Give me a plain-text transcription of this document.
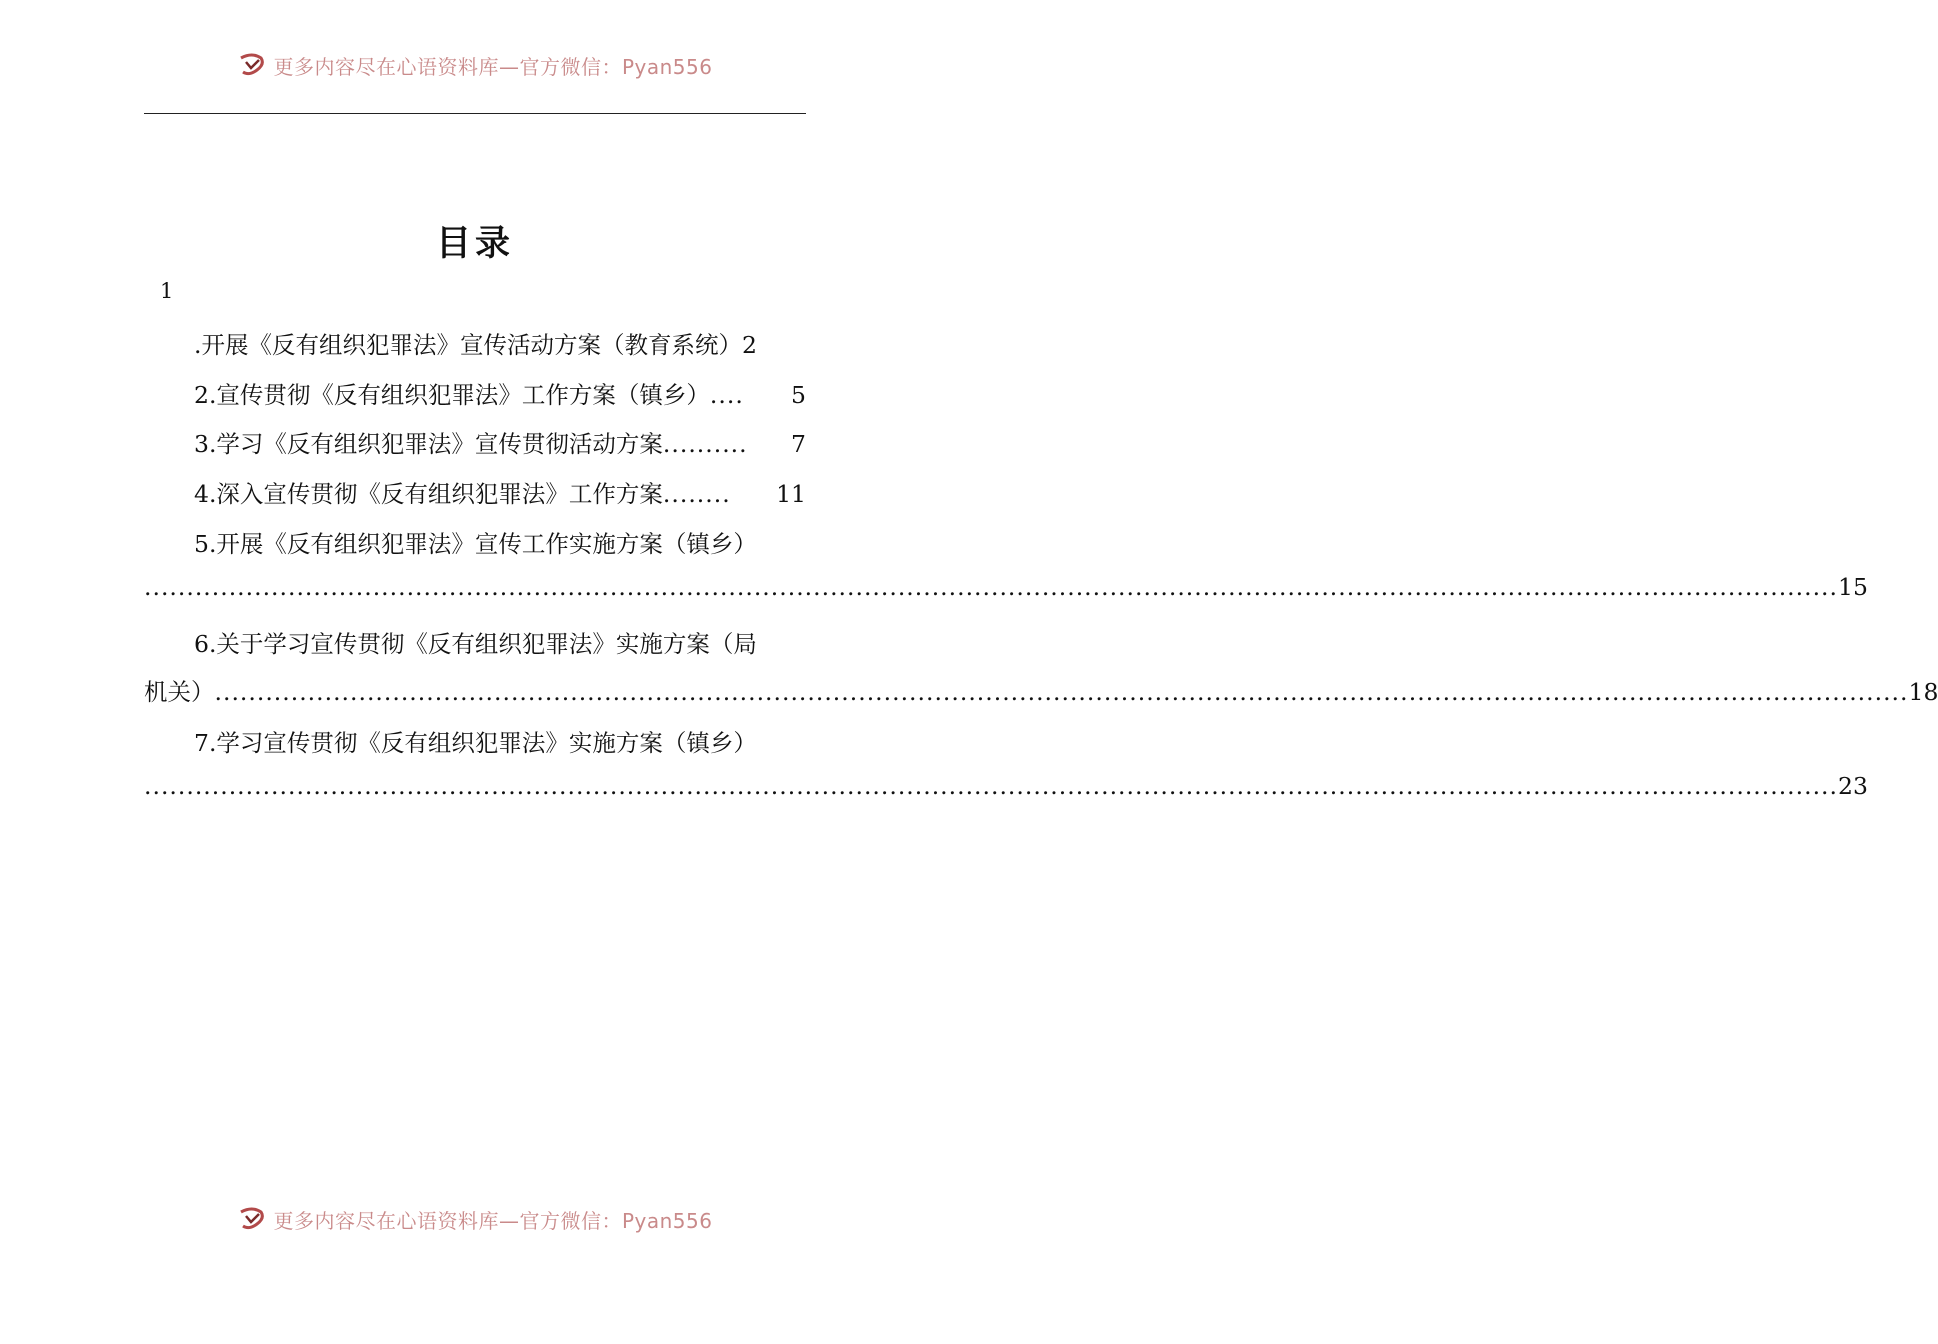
更多内容尽在心语资料库—官方微信：Pyan556
目录
1
.开展《反有组织犯罪法》宣传活动方案（教育系统） 2
2.宣传贯彻《反有组织犯罪法》工作方案（镇乡） ....	5
3.学习《反有组织犯罪法》宣传贯彻活动方案 ..........	7
4.深入宣传贯彻《反有组织犯罪法》工作方案 ........	11
5.开展《反有组织犯罪法》宣传工作实施方案（镇乡）
........................................................................................................................................................................................................ 15
6.关于学习宣传贯彻《反有组织犯罪法》实施方案（局
机关） ........................................................................................................................................................................................................ 18
7.学习宣传贯彻《反有组织犯罪法》实施方案（镇乡）
........................................................................................................................................................................................................ 23
更多内容尽在心语资料库—官方微信：Pyan556
